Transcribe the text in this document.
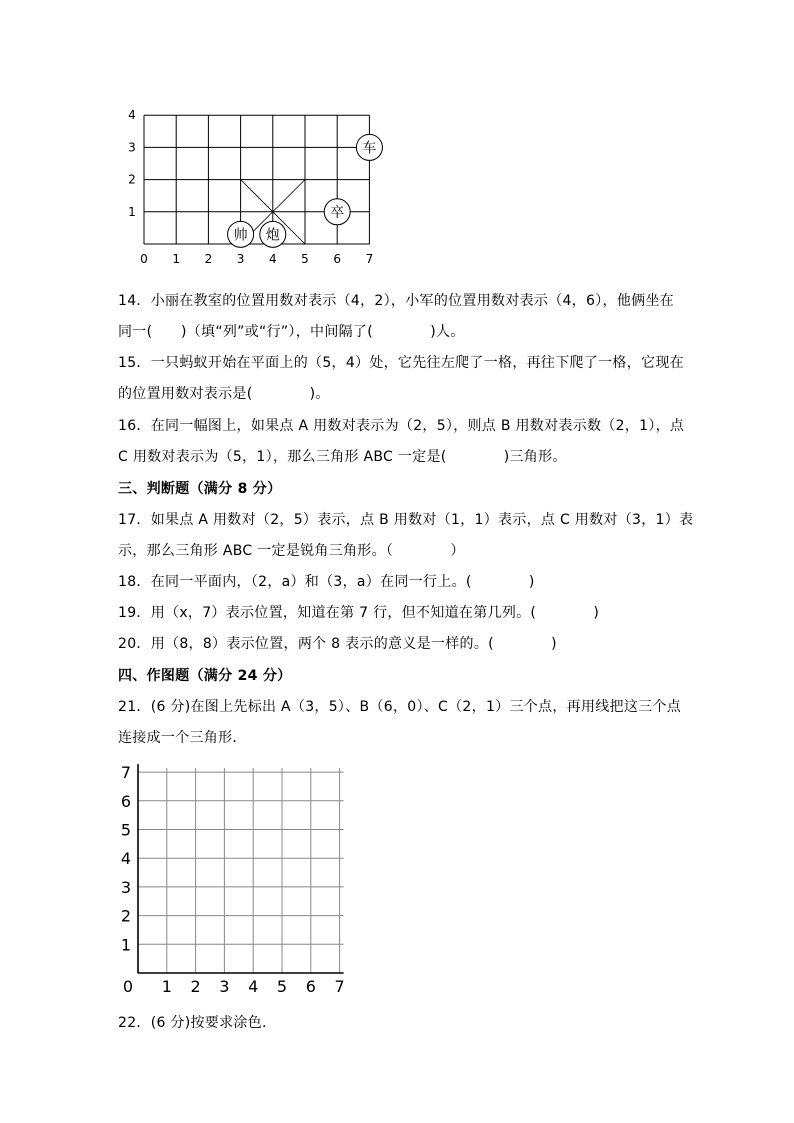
0 1 2 3 4 5 6 7
1
2
3
4
车
卒
帅 炮
14．小丽在教室的位置用数对表示（4，2），小军的位置用数对表示（4，6），他俩坐在
同一(　　)（填“列”或“行”），中间隔了(　　　　)人。
15．一只蚂蚁开始在平面上的（5，4）处，它先往左爬了一格，再往下爬了一格，它现在
的位置用数对表示是(　　　　)。
16．在同一幅图上，如果点 A 用数对表示为（2，5），则点 B 用数对表示数（2，1），点
C 用数对表示为（5，1），那么三角形 ABC 一定是(　　　　)三角形。
三、判断题（满分 8 分）
17．如果点 A 用数对（2，5）表示，点 B 用数对（1，1）表示，点 C 用数对（3，1）表
示，那么三角形 ABC 一定是锐角三角形。（　　　　）
18．在同一平面内，（2，a）和（3，a）在同一行上。(　　　　)
19．用（x，7）表示位置，知道在第 7 行，但不知道在第几列。(　　　　)
20．用（8，8）表示位置，两个 8 表示的意义是一样的。(　　　　)
四、作图题（满分 24 分）
21．(6 分)在图上先标出 A（3，5）、B（6，0）、C（2，1）三个点，再用线把这三个点
连接成一个三角形．
0 1 2 3 4 5 6 7
1
2
3
4
5
6
7
22．(6 分)按要求涂色．
